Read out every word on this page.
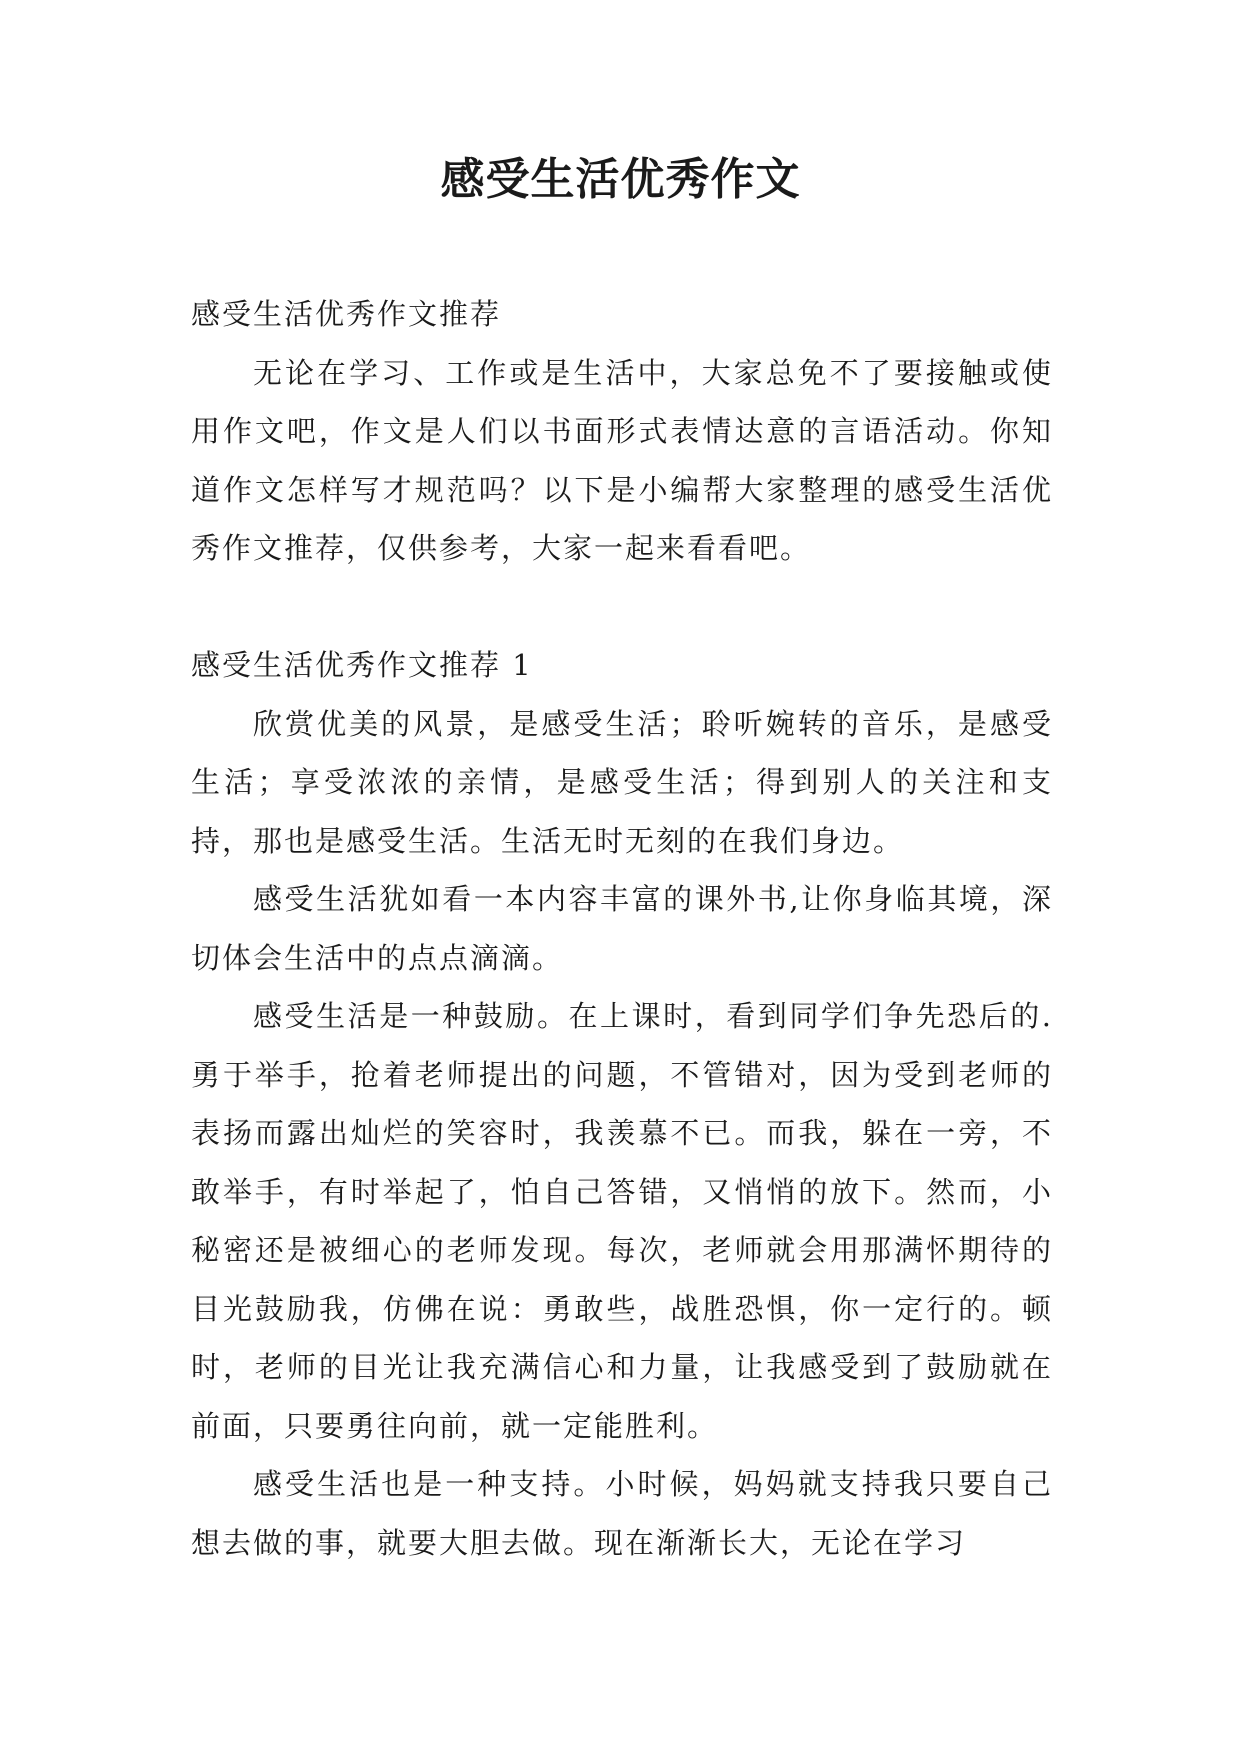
感受生活优秀作文

感受生活优秀作文推荐

无论在学习、工作或是生活中，大家总免不了要接触或使用作文吧，作文是人们以书面形式表情达意的言语活动。你知道作文怎样写才规范吗？以下是小编帮大家整理的感受生活优秀作文推荐，仅供参考，大家一起来看看吧。

感受生活优秀作文推荐 1

欣赏优美的风景，是感受生活；聆听婉转的音乐，是感受生活；享受浓浓的亲情，是感受生活；得到别人的关注和支持，那也是感受生活。生活无时无刻的在我们身边。

感受生活犹如看一本内容丰富的课外书,让你身临其境，深切体会生活中的点点滴滴。

感受生活是一种鼓励。在上课时，看到同学们争先恐后的.勇于举手，抢着老师提出的问题，不管错对，因为受到老师的表扬而露出灿烂的笑容时，我羡慕不已。而我，躲在一旁，不敢举手，有时举起了，怕自己答错，又悄悄的放下。然而，小秘密还是被细心的老师发现。每次，老师就会用那满怀期待的目光鼓励我，仿佛在说：勇敢些，战胜恐惧，你一定行的。顿时，老师的目光让我充满信心和力量，让我感受到了鼓励就在前面，只要勇往向前，就一定能胜利。

感受生活也是一种支持。小时候，妈妈就支持我只要自己想去做的事，就要大胆去做。现在渐渐长大，无论在学习
